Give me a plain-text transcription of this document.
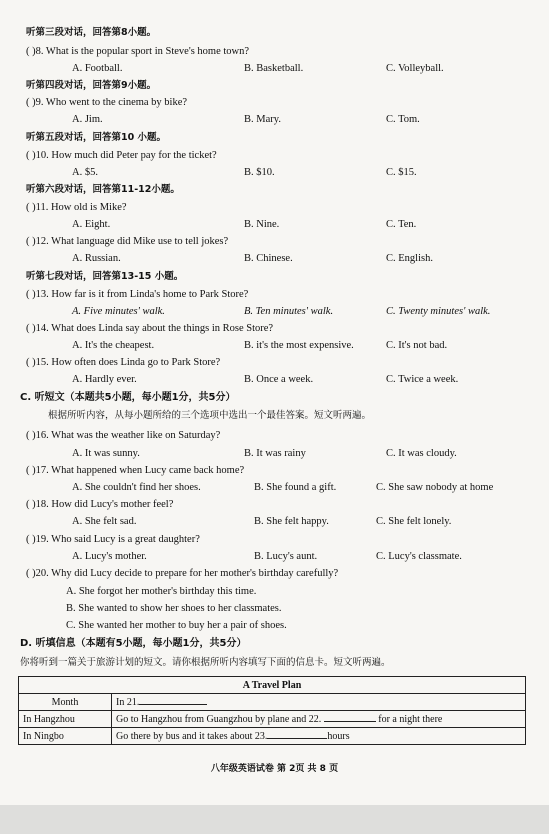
听第三段对话，回答第8小题。
( )8. What is the popular sport in Steve's home town?
A. Football.	B. Basketball.	C. Volleyball.
听第四段对话，回答第9小题。
( )9. Who went to the cinema by bike?
A. Jim.	B. Mary.	C. Tom.
听第五段对话，回答第10 小题。
( )10. How much did Peter pay for the ticket?
A. $5.	B. $10.	C. $15.
听第六段对话，回答第11-12小题。
( )11. How old is Mike?
A. Eight.	B. Nine.	C. Ten.
( )12. What language did Mike use to tell jokes?
A. Russian.	B. Chinese.	C. English.
听第七段对话，回答第13-15 小题。
( )13. How far is it from Linda's home to Park Store?
A. Five minutes' walk.	B. Ten minutes' walk.	C. Twenty minutes' walk.
( )14. What does Linda say about the things in Rose Store?
A. It's the cheapest.	B. it's the most expensive.	C. It's not bad.
( )15. How often does Linda go to Park Store?
A. Hardly ever.	B. Once a week.	C. Twice a week.
C. 听短文（本题共5小题，每小题1分，共5分）
根据所听内容，从每小题所给的三个选项中选出一个最佳答案。短文听两遍。
( )16. What was the weather like on Saturday?
A. It was sunny.	B. It was rainy	C. It was cloudy.
( )17. What happened when Lucy came back home?
A. She couldn't find her shoes.	B. She found a gift.	C. She saw nobody at home
( )18. How did Lucy's mother feel?
A. She felt sad.	B. She felt happy.	C. She felt lonely.
( )19. Who said Lucy is a great daughter?
A. Lucy's mother.	B. Lucy's aunt.	C. Lucy's classmate.
( )20. Why did Lucy decide to prepare for her mother's birthday carefully?
A. She forgot her mother's birthday this time.
B. She wanted to show her shoes to her classmates.
C. She wanted her mother to buy her a pair of shoes.
D. 听填信息（本题有5小题，每小题1分，共5分）
你将听到一篇关于旅游计划的短文。请你根据所听内容填写下面的信息卡。短文听两遍。
A Travel Plan	
Month	In 21.
In Hangzhou	Go to Hangzhou from Guangzhou by plane and 22. for a night there
In Ningbo	Go there by bus and it takes about 23. hours
八年级英语试卷 第 2页 共 8 页
